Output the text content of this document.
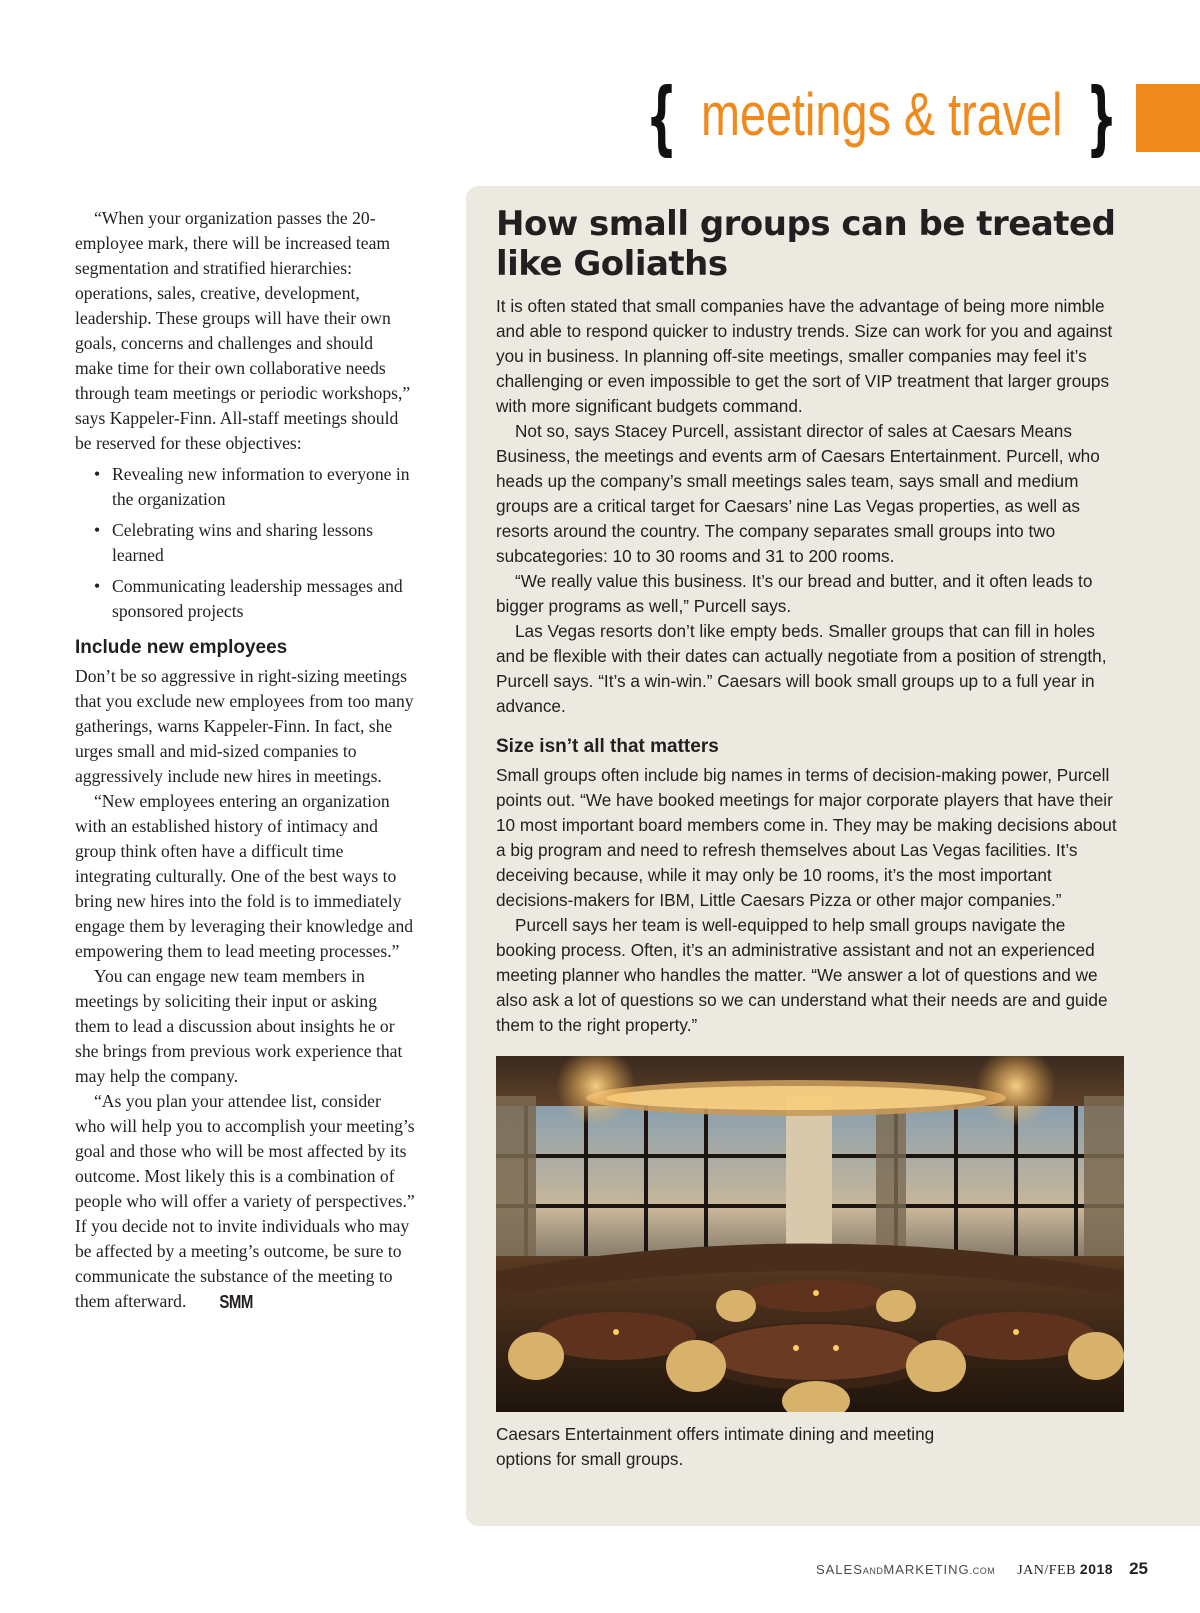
{ meetings & travel }

“When your organization passes the 20-employee mark, there will be increased team segmentation and stratified hierarchies: operations, sales, creative, development, leadership. These groups will have their own goals, concerns and challenges and should make time for their own collaborative needs through team meetings or periodic workshops,” says Kappeler-Finn. All-staff meetings should be reserved for these objectives:

• Revealing new information to everyone in the organization
• Celebrating wins and sharing lessons learned
• Communicating leadership messages and sponsored projects
Include new employees

Don’t be so aggressive in right-sizing meetings that you exclude new employees from too many gatherings, warns Kappeler-Finn. In fact, she urges small and mid-sized companies to aggressively include new hires in meetings.

“New employees entering an organization with an established history of intimacy and group think often have a difficult time integrating culturally. One of the best ways to bring new hires into the fold is to immediately engage them by leveraging their knowledge and empowering them to lead meeting processes.”

You can engage new team members in meetings by soliciting their input or asking them to lead a discussion about insights he or she brings from previous work experience that may help the company.

“As you plan your attendee list, consider who will help you to accomplish your meeting’s goal and those who will be most affected by its outcome. Most likely this is a combination of people who will offer a variety of perspectives.” If you decide not to invite individuals who may be affected by a meeting’s outcome, be sure to communicate the substance of the meeting to them afterward. SMM

How small groups can be treated like Goliaths

It is often stated that small companies have the advantage of being more nimble and able to respond quicker to industry trends. Size can work for you and against you in business. In planning off-site meetings, smaller companies may feel it’s challenging or even impossible to get the sort of VIP treatment that larger groups with more significant budgets command.

Not so, says Stacey Purcell, assistant director of sales at Caesars Means Business, the meetings and events arm of Caesars Entertainment. Purcell, who heads up the company’s small meetings sales team, says small and medium groups are a critical target for Caesars’ nine Las Vegas properties, as well as resorts around the country. The company separates small groups into two subcategories: 10 to 30 rooms and 31 to 200 rooms.

“We really value this business. It’s our bread and butter, and it often leads to bigger programs as well,” Purcell says.

Las Vegas resorts don’t like empty beds. Smaller groups that can fill in holes and be flexible with their dates can actually negotiate from a position of strength, Purcell says. “It’s a win-win.” Caesars will book small groups up to a full year in advance.

Size isn’t all that matters

Small groups often include big names in terms of decision-making power, Purcell points out. “We have booked meetings for major corporate players that have their 10 most important board members come in. They may be making decisions about a big program and need to refresh themselves about Las Vegas facilities. It’s deceiving because, while it may only be 10 rooms, it’s the most important decisions-makers for IBM, Little Caesars Pizza or other major companies.”

Purcell says her team is well-equipped to help small groups navigate the booking process. Often, it’s an administrative assistant and not an experienced meeting planner who handles the matter. “We answer a lot of questions and we also ask a lot of questions so we can understand what their needs are and guide them to the right property.”

Caesars Entertainment offers intimate dining and meeting options for small groups.
SALESANDMARKETING.COM JAN/FEB 2018 25
